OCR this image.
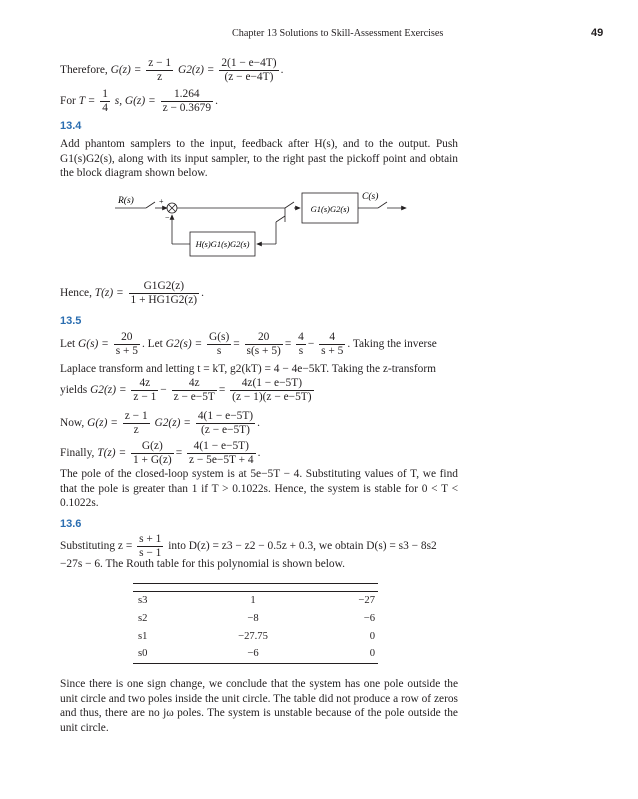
Chapter 13 Solutions to Skill-Assessment Exercises	49
Therefore, $G(z) = \frac{z - 1}{z} G2(z) = \frac{2(1 - e-4T)}{(z - e-4T)}$ .
For $T = \frac{1}{4} s$, $G(z) = \frac{1.264}{z - 0.3679}$ .
13.4
Add phantom samplers to the input, feedback after H(s), and to the output. Push G1(s)G2(s), along with its input sampler, to the right past the pickoff point and obtain the block diagram shown below.
R(s)	+
−
G1(s)G2(s)
C(s)
H(s)G1(s)G2(s)
Hence, $T(z) = \frac{G1G2(z)}{1 + HG1G2(z)}$ .
13.5
Let $G(s) = \frac{20}{s + 5}$ . Let $G2(s) = \frac{G(s)}{s} = \frac{20}{s(s + 5)} = \frac{4}{s} - \frac{4}{s + 5}$ . Taking the inverse
Laplace transform and letting t = kT, g2(kT) = 4 − 4e−5kT. Taking the z-transform
yields $G2(z) = \frac{4z}{z - 1} - \frac{4z}{z - e-5T} = \frac{4z(1 - e-5T)}{(z - 1)(z - e-5T)}$
Now, $G(z) = \frac{z - 1}{z} G2(z) = \frac{4(1 - e-5T)}{(z - e-5T)}$ .
Finally, $T(z) = \frac{G(z)}{1 + G(z)} = \frac{4(1 - e-5T)}{z - 5e-5T + 4}$ .
The pole of the closed-loop system is at 5e−5T − 4. Substituting values of T, we find that the pole is greater than 1 if T > 0.1022s. Hence, the system is stable for 0 < T < 0.1022s.
13.6
Substituting $z = \frac{s + 1}{s - 1}$ into D(z) = z3 − z2 − 0.5z + 0.3, we obtain D(s) = s3 − 8s2
−27s − 6. The Routh table for this polynomial is shown below.

s3	1	−27
s2	−8	−6
s1	−27.75	0
s0	−6	0
Since there is one sign change, we conclude that the system has one pole outside the unit circle and two poles inside the unit circle. The table did not produce a row of zeros and thus, there are no jω poles. The system is unstable because of the pole outside the unit circle.
